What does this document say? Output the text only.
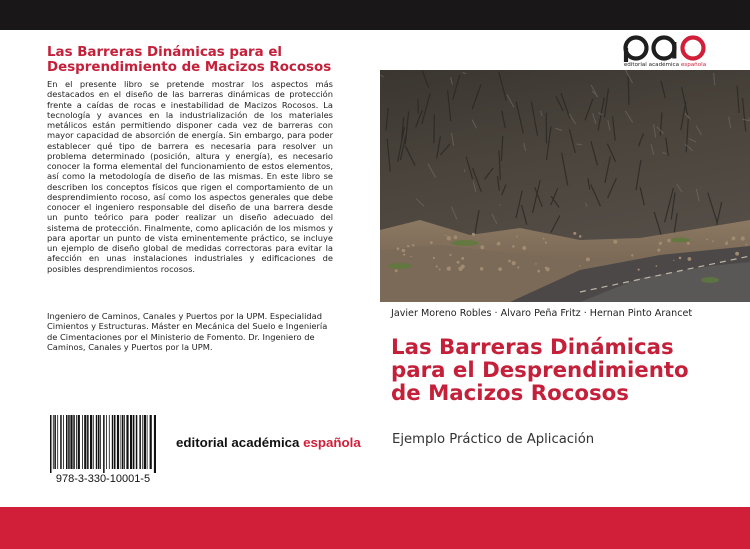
Las Barreras Dinámicas para el Desprendimiento de Macizos Rocosos
En el presente libro se pretende mostrar los aspectos más destacados en el diseño de las barreras dinámicas de protección frente a caídas de rocas e inestabilidad de Macizos Rocosos. La tecnología y avances en la industrialización de los materiales metálicos están permitiendo disponer cada vez de barreras con mayor capacidad de absorción de energía. Sin embargo, para poder establecer qué tipo de barrera es necesaria para resolver un problema determinado (posición, altura y energía), es necesario conocer la forma elemental del funcionamiento de estos elementos, así como la metodología de diseño de las mismas. En este libro se describen los conceptos físicos que rigen el comportamiento de un desprendimiento rocoso, así como los aspectos generales que debe conocer el ingeniero responsable del diseño de una barrera desde un punto teórico para poder realizar un diseño adecuado del sistema de protección. Finalmente, como aplicación de los mismos y para aportar un punto de vista eminentemente práctico, se incluye un ejemplo de diseño global de medidas correctoras para evitar la afección en unas instalaciones industriales y edificaciones de posibles desprendimientos rocosos.
Ingeniero de Caminos, Canales y Puertos por la UPM. Especialidad Cimientos y Estructuras. Máster en Mecánica del Suelo e Ingeniería de Cimentaciones por el Ministerio de Fomento. Dr. Ingeniero de Caminos, Canales y Puertos por la UPM.
978-3-330-10001-5
editorial académica española
editorial académica española
Javier Moreno Robles · Alvaro Peña Fritz · Hernan Pinto Arancet
Las Barreras Dinámicas para el Desprendimiento de Macizos Rocosos
Ejemplo Práctico de Aplicación
